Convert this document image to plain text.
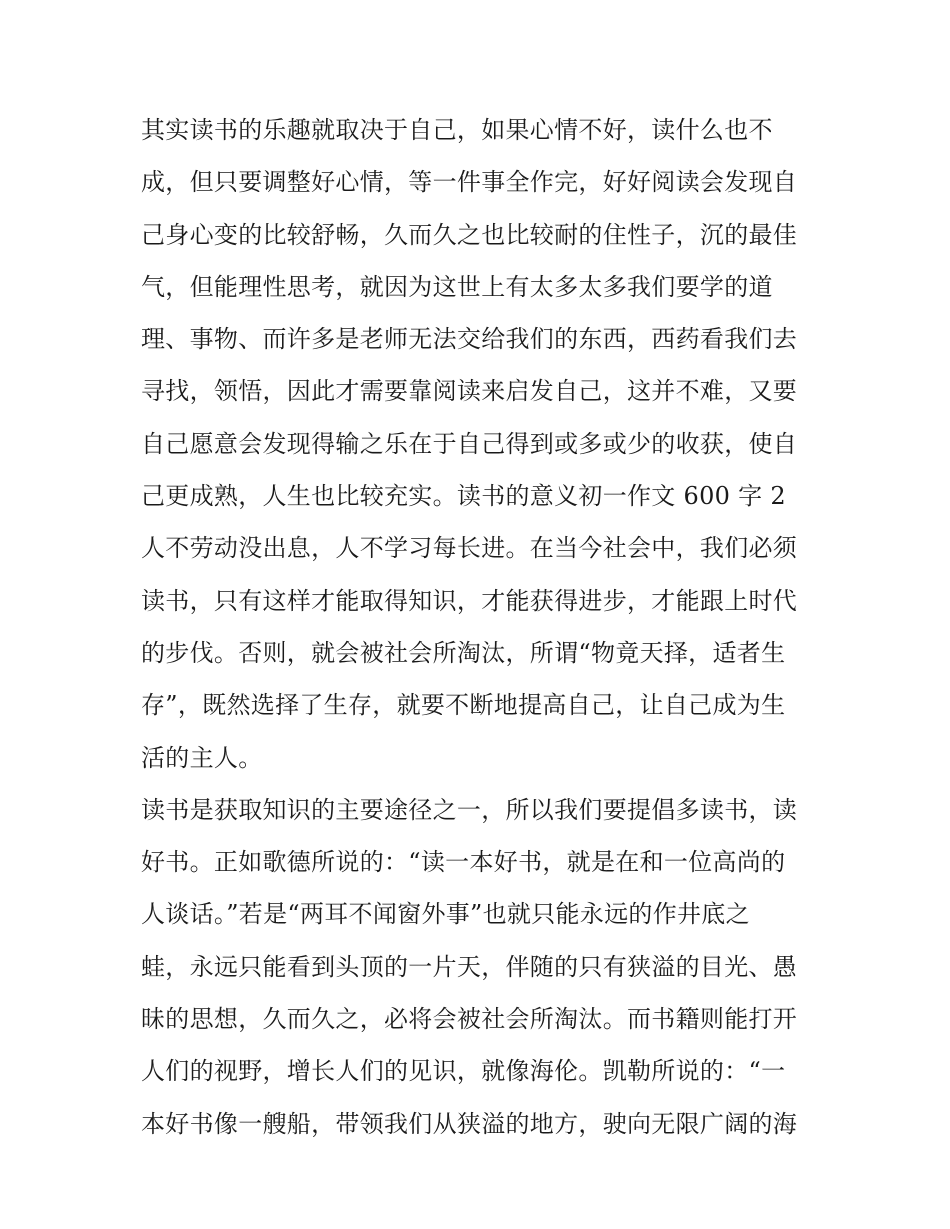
其实读书的乐趣就取决于自己，如果心情不好，读什么也不
成，但只要调整好心情，等一件事全作完，好好阅读会发现自
己身心变的比较舒畅，久而久之也比较耐的住性子，沉的最佳
气，但能理性思考，就因为这世上有太多太多我们要学的道
理、事物、而许多是老师无法交给我们的东西，西药看我们去
寻找，领悟，因此才需要靠阅读来启发自己，这并不难，又要
自己愿意会发现得输之乐在于自己得到或多或少的收获，使自
己更成熟，人生也比较充实。读书的意义初一作文 600 字 2
人不劳动没出息，人不学习每长进。在当今社会中，我们必须
读书，只有这样才能取得知识，才能获得进步，才能跟上时代
的步伐。否则，就会被社会所淘汰，所谓“物竟天择，适者生
存”，既然选择了生存，就要不断地提高自己，让自己成为生
活的主人。
读书是获取知识的主要途径之一，所以我们要提倡多读书，读
好书。正如歌德所说的：“读一本好书，就是在和一位高尚的
人谈话。”若是“两耳不闻窗外事”也就只能永远的作井底之
蛙，永远只能看到头顶的一片天，伴随的只有狭溢的目光、愚
昧的思想，久而久之，必将会被社会所淘汰。而书籍则能打开
人们的视野，增长人们的见识，就像海伦。凯勒所说的：“一
本好书像一艘船，带领我们从狭溢的地方，驶向无限广阔的海
